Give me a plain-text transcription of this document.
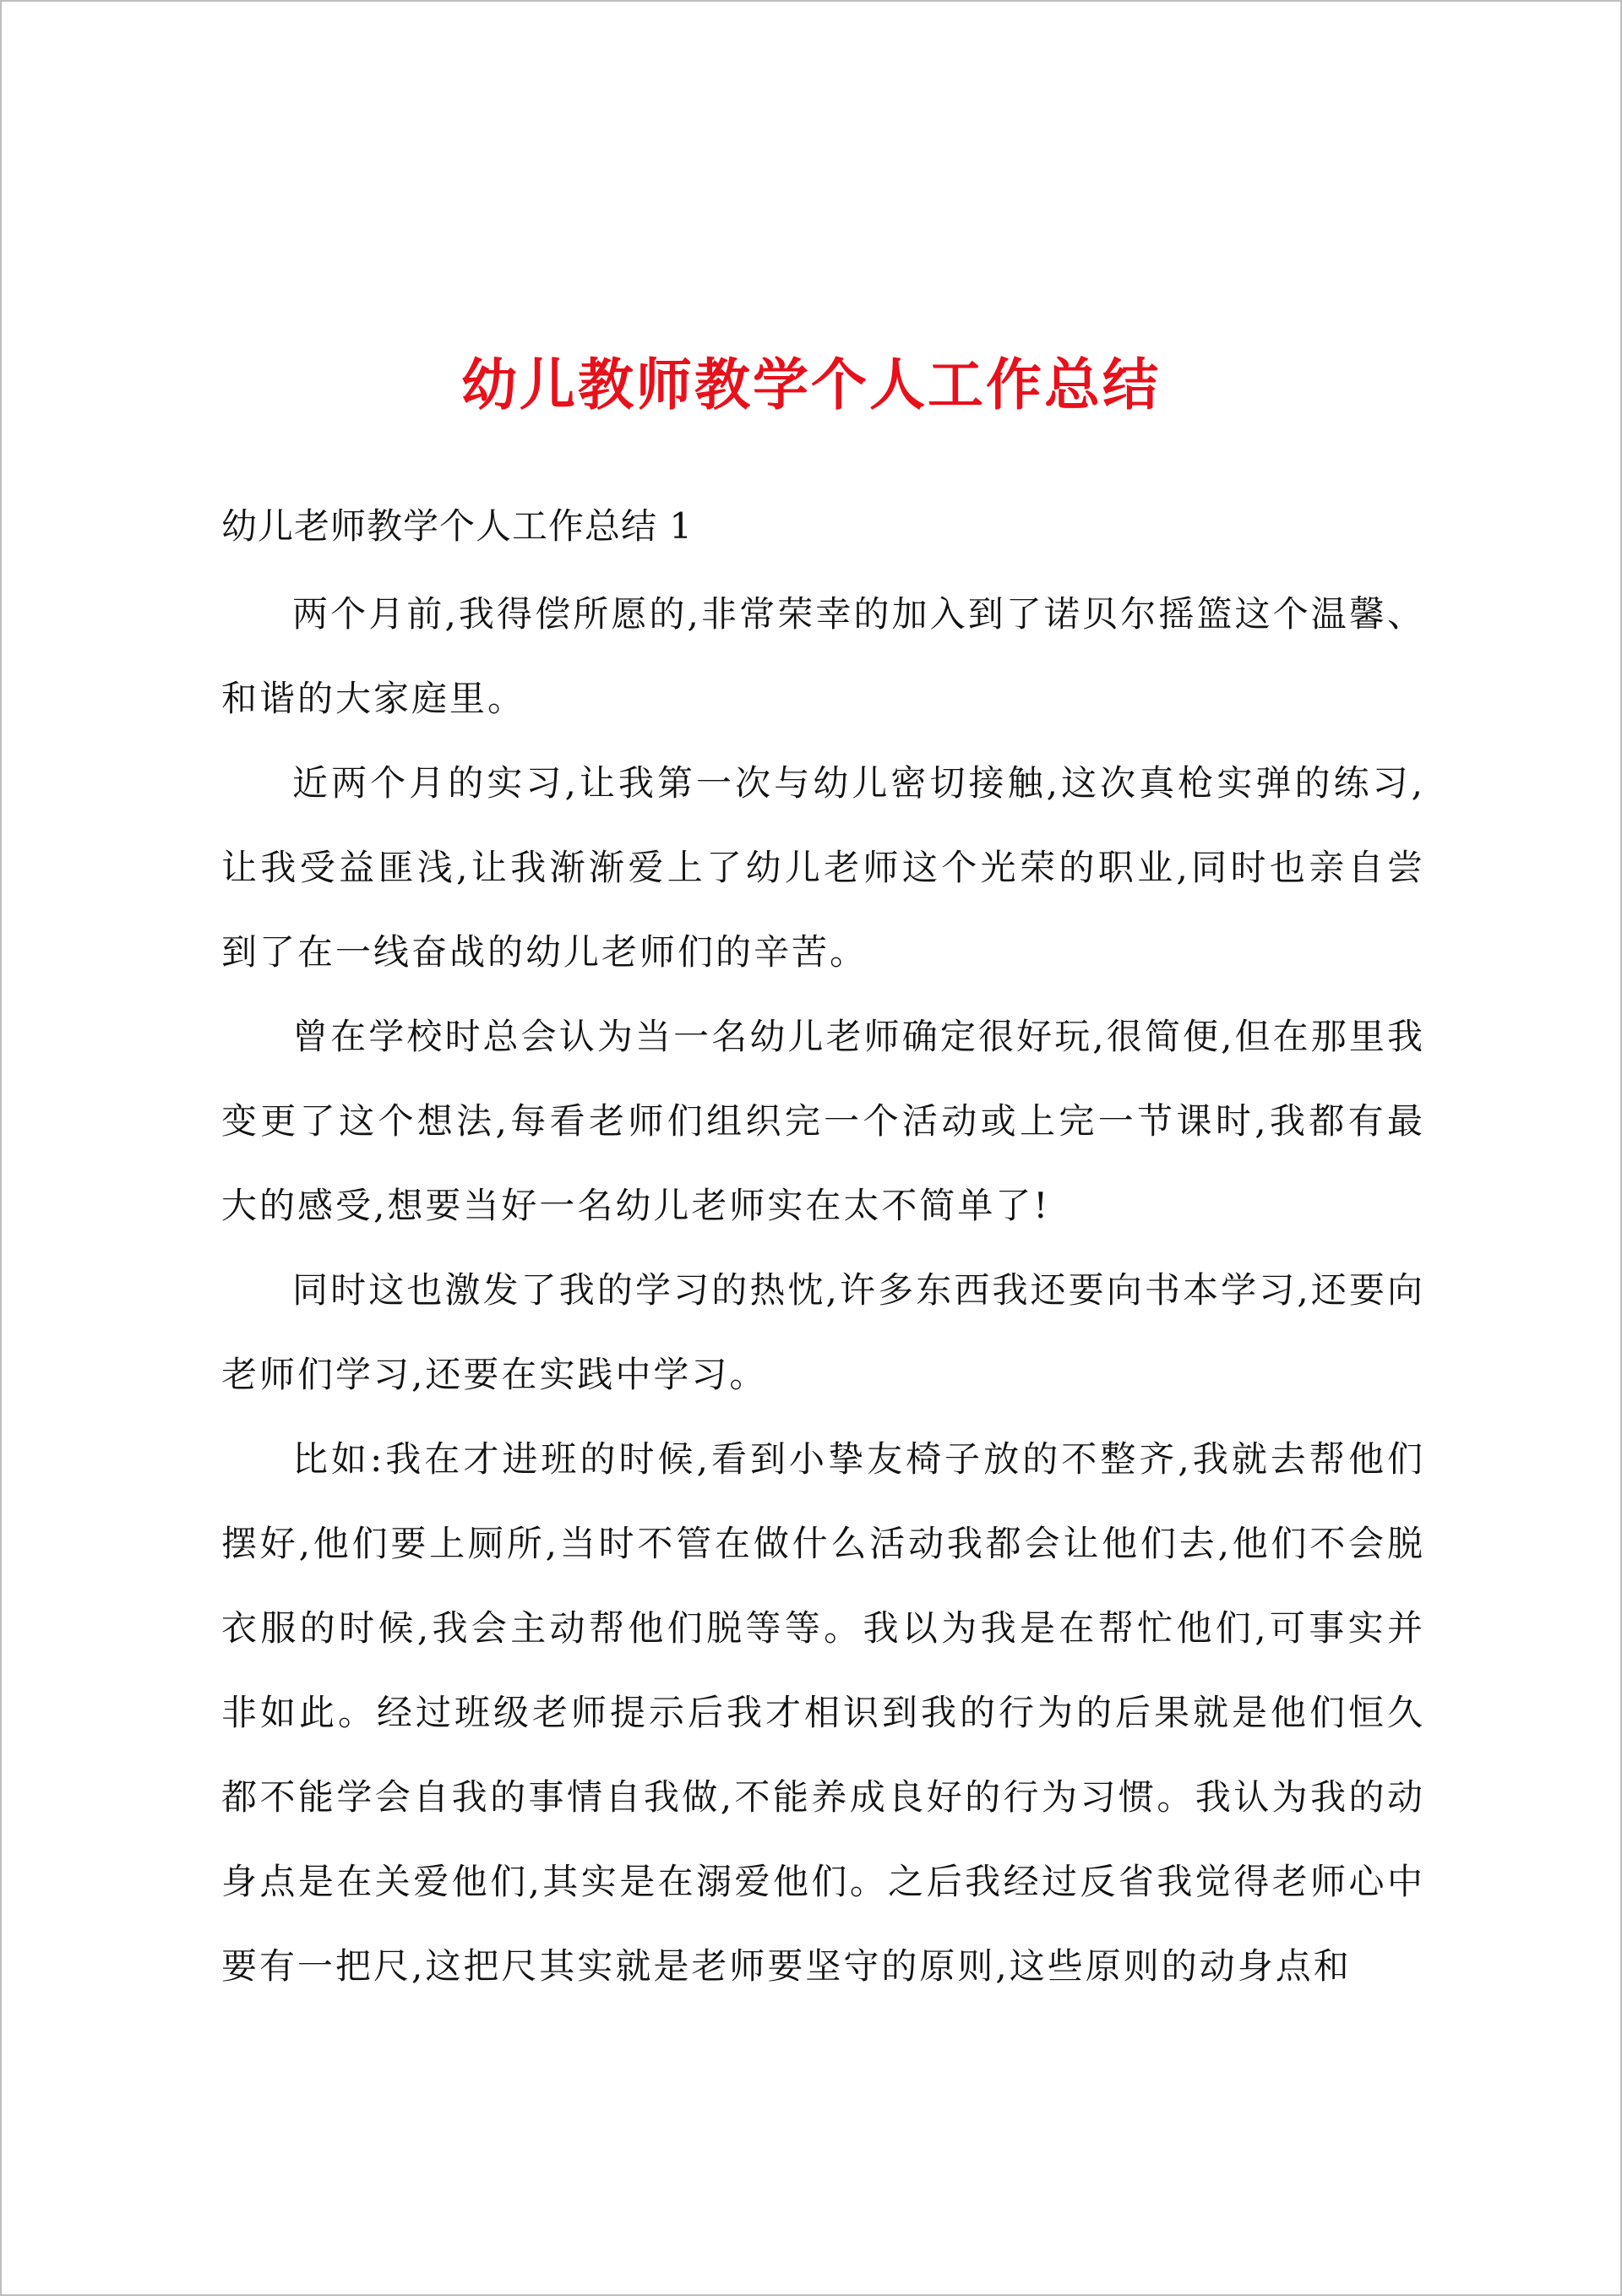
幼儿教师教学个人工作总结
幼儿老师教学个人工作总结 1

两个月前,我得偿所愿的,非常荣幸的加入到了诺贝尔摇篮这个温馨、和谐的大家庭里。

近两个月的实习,让我第一次与幼儿密切接触,这次真枪实弹的练习,让我受益匪浅,让我渐渐爱上了幼儿老师这个光荣的职业,同时也亲自尝到了在一线奋战的幼儿老师们的辛苦。

曾在学校时总会认为当一名幼儿老师确定很好玩,很简便,但在那里我变更了这个想法,每看老师们组织完一个活动或上完一节课时,我都有最大的感受,想要当好一名幼儿老师实在太不简单了!

同时这也激发了我的学习的热忱,许多东西我还要向书本学习,还要向老师们学习,还要在实践中学习。

比如:我在才进班的时候,看到小挚友椅子放的不整齐,我就去帮他们摆好,他们要上厕所,当时不管在做什么活动我都会让他们去,他们不会脱衣服的时候,我会主动帮他们脱等等。我以为我是在帮忙他们,可事实并非如此。经过班级老师提示后我才相识到我的行为的后果就是他们恒久都不能学会自我的事情自我做,不能养成良好的行为习惯。我认为我的动身点是在关爱他们,其实是在溺爱他们。之后我经过反省我觉得老师心中要有一把尺,这把尺其实就是老师要坚守的原则,这些原则的动身点和
